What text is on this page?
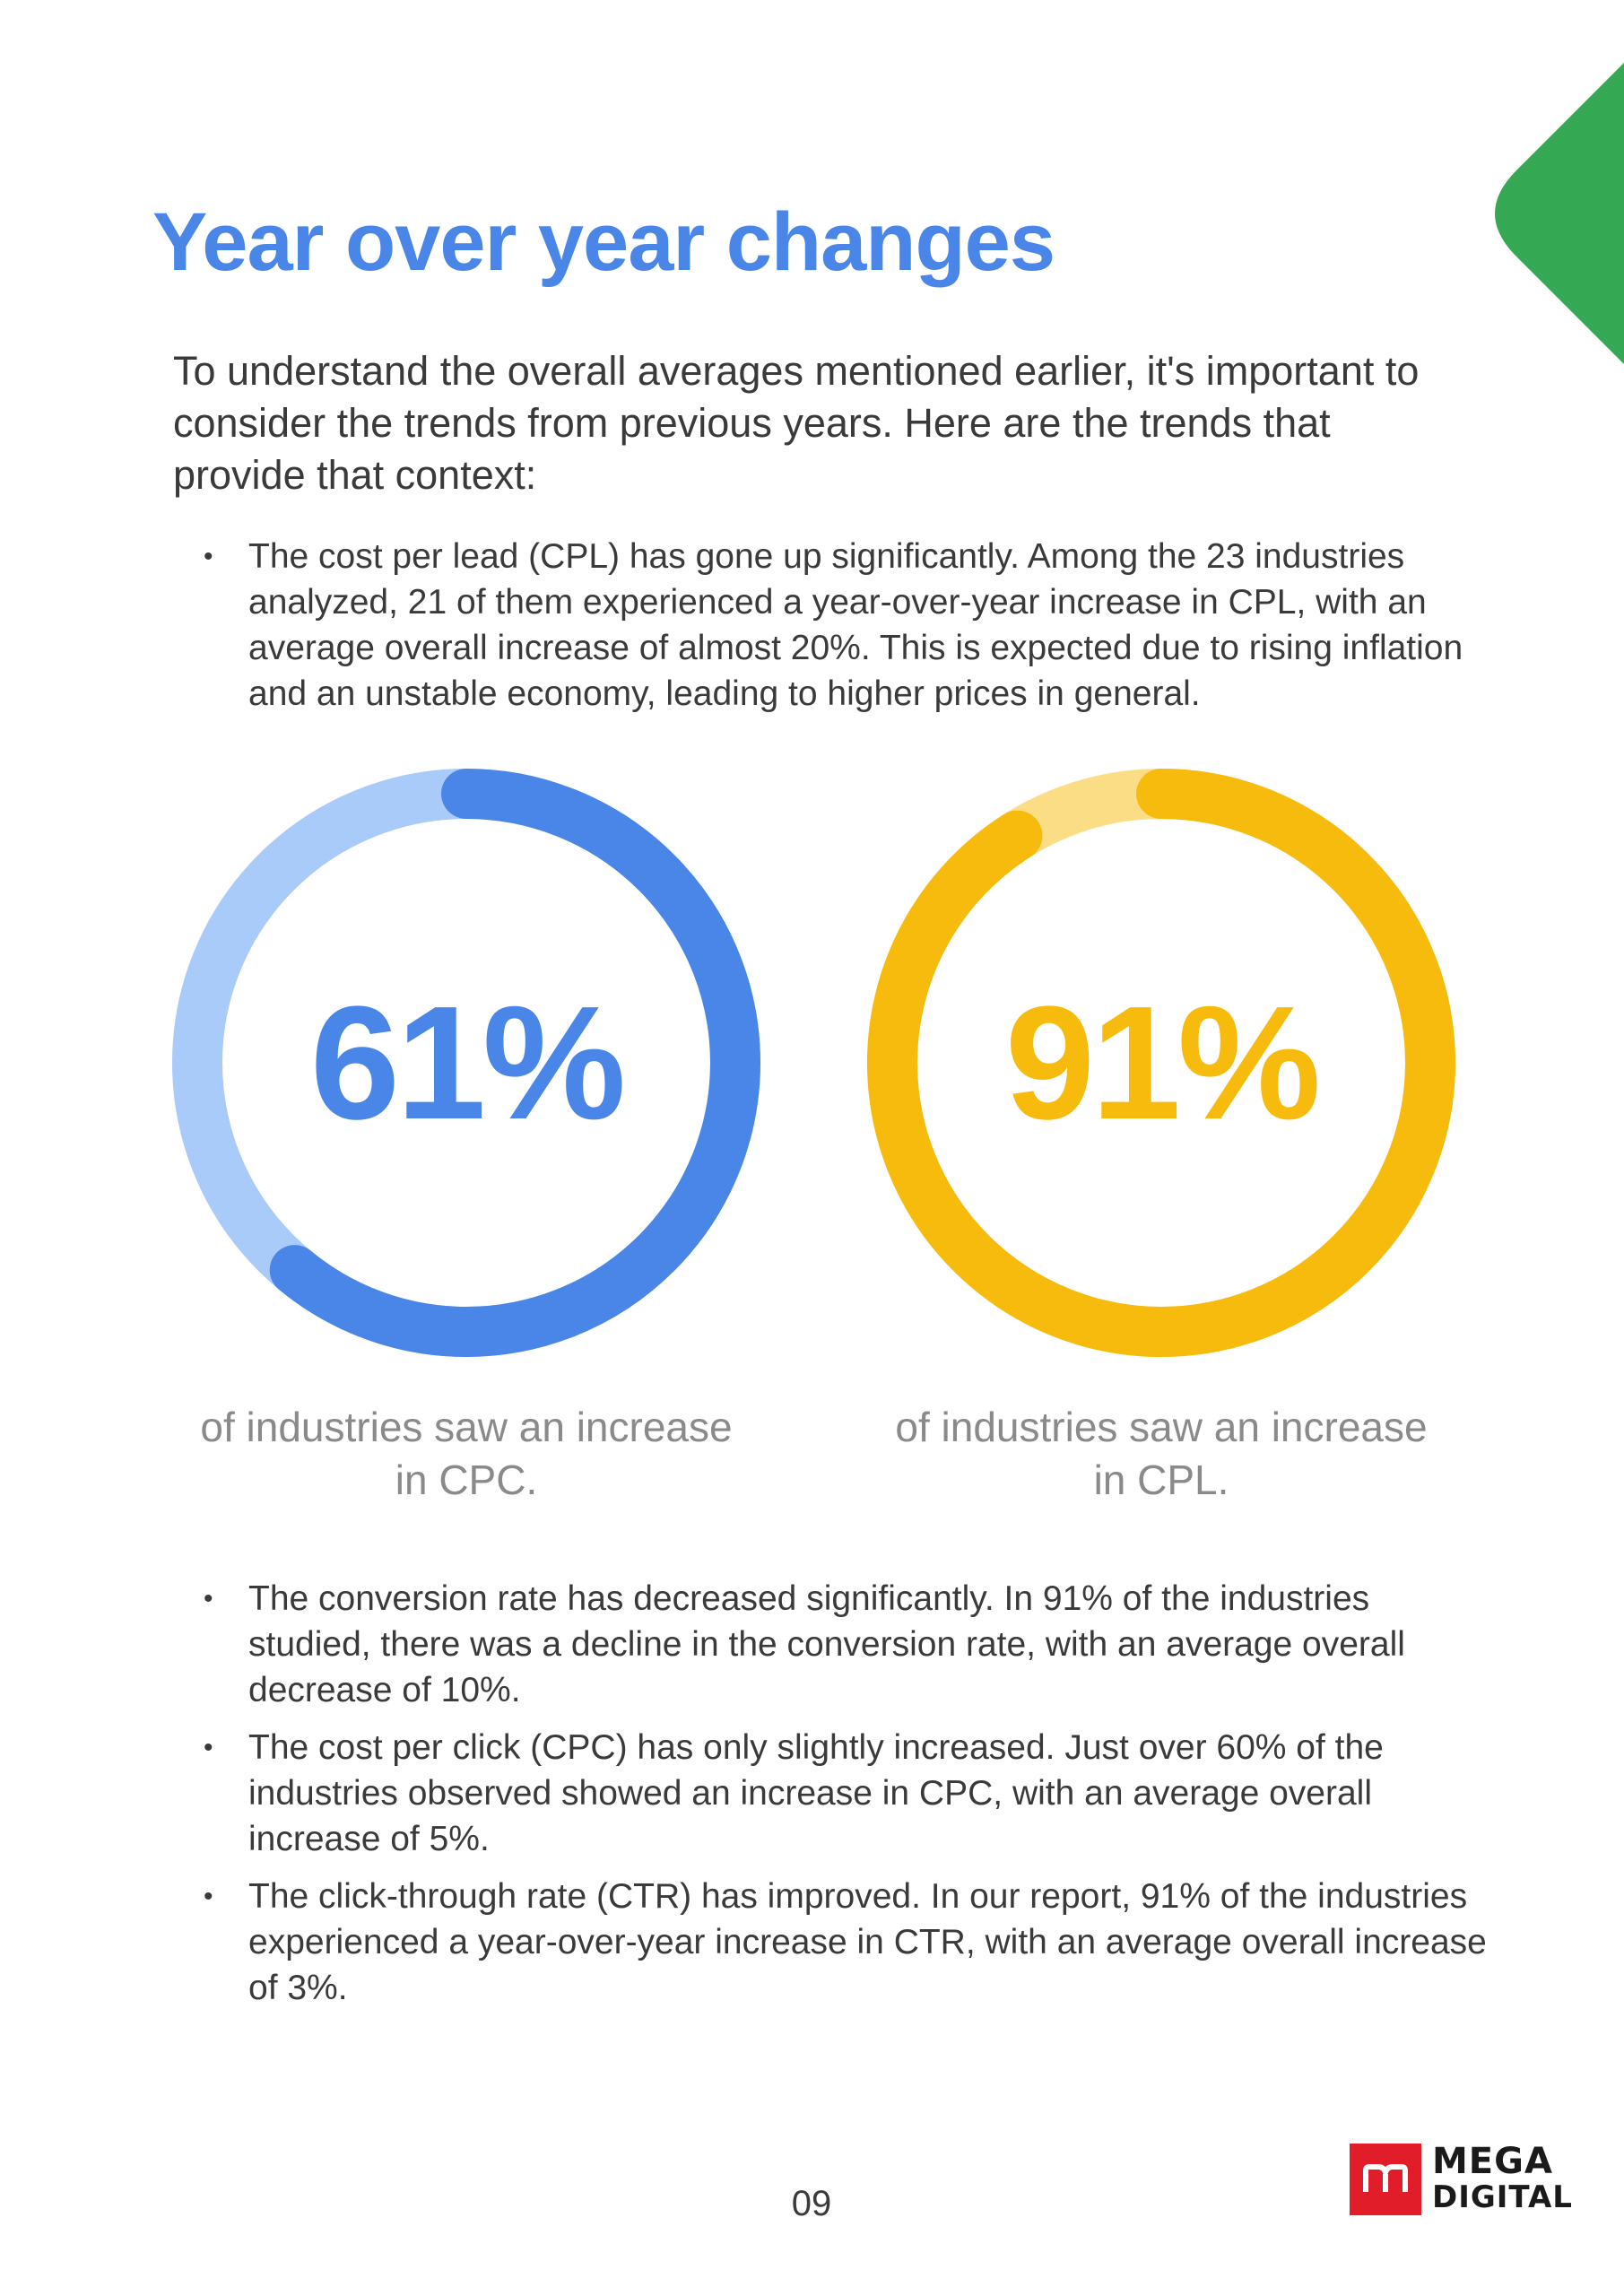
Year over year changes

To understand the overall averages mentioned earlier, it's important to consider the trends from previous years. Here are the trends that provide that context:

• The cost per lead (CPL) has gone up significantly. Among the 23 industries analyzed, 21 of them experienced a year-over-year increase in CPL, with an average overall increase of almost 20%. This is expected due to rising inflation and an unstable economy, leading to higher prices in general.
61%	91%

of industries saw an increase in CPC.

of industries saw an increase in CPL.

• The conversion rate has decreased significantly. In 91% of the industries studied, there was a decline in the conversion rate, with an average overall decrease of 10%.
• The cost per click (CPC) has only slightly increased. Just over 60% of the industries observed showed an increase in CPC, with an average overall increase of 5%.
• The click-through rate (CTR) has improved. In our report, 91% of the industries experienced a year-over-year increase in CTR, with an average overall increase of 3%.
09
MEGA
DIGITAL
